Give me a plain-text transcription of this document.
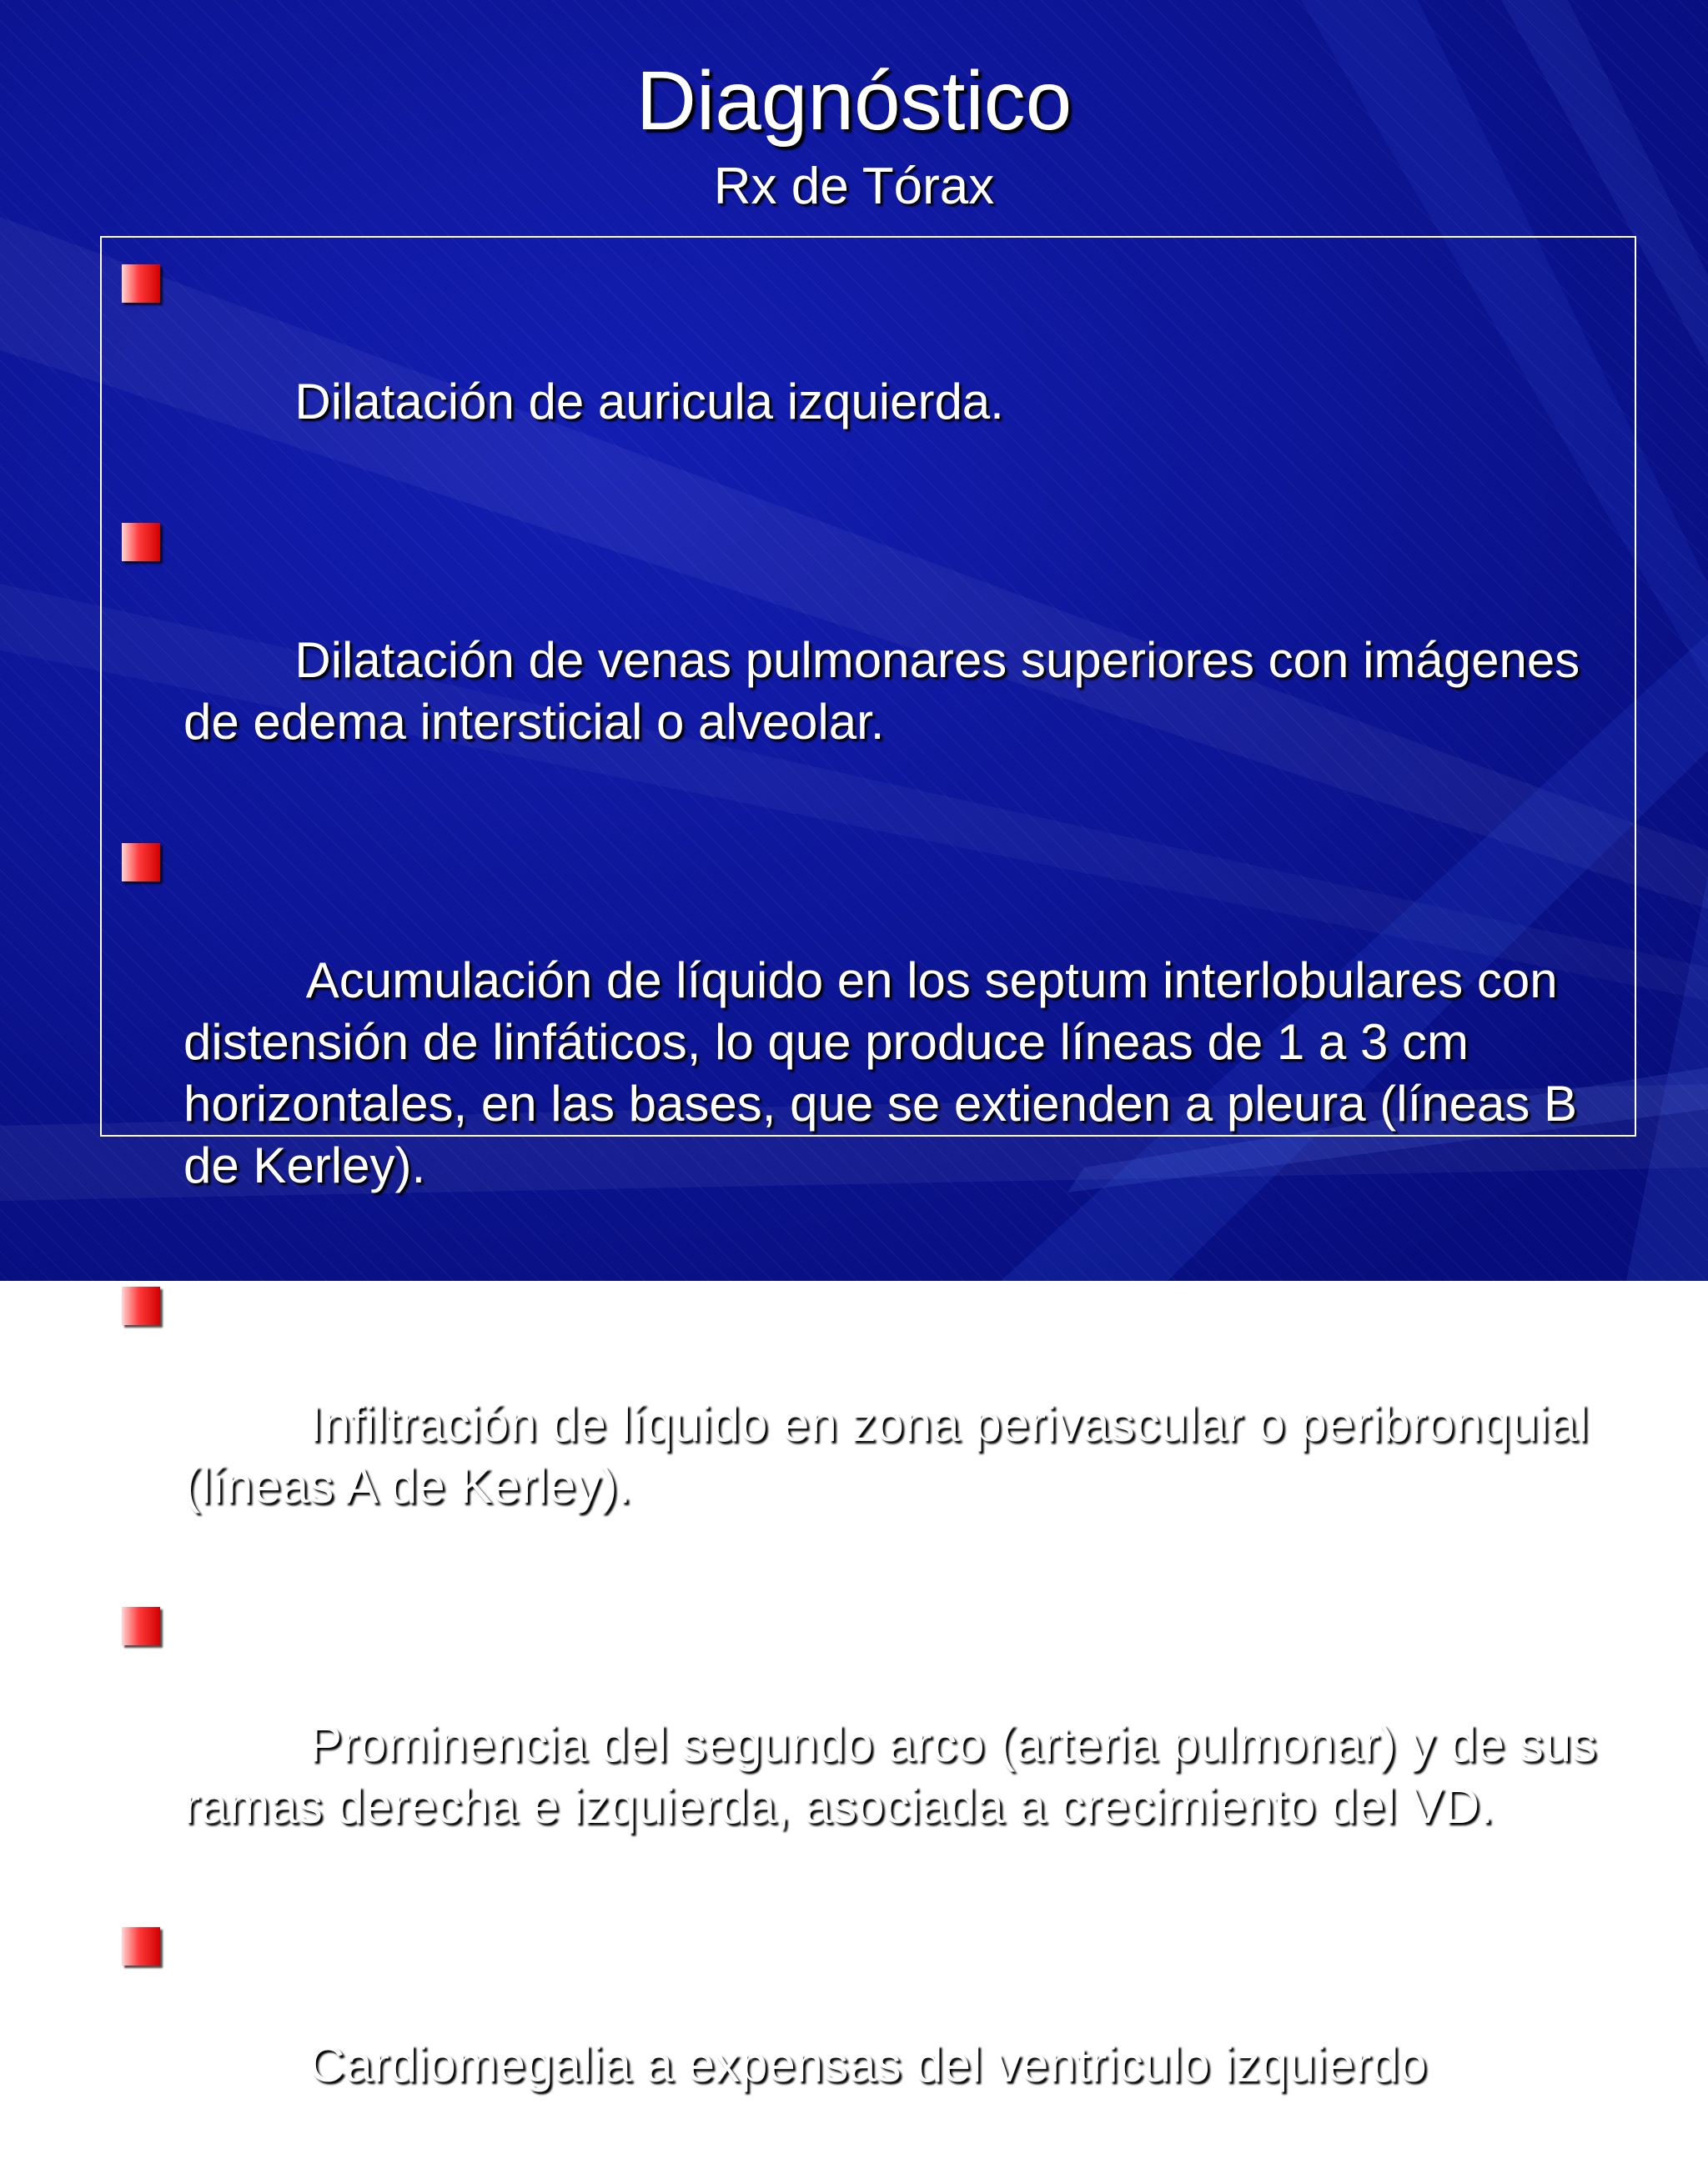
Diagnóstico
Rx de Tórax

Dilatación de auricula izquierda.

Dilatación de venas pulmonares superiores con imágenes de edema intersticial o alveolar.

Acumulación de líquido en los septum interlobulares con distensión de linfáticos, lo que produce líneas de 1 a 3 cm  horizontales, en las bases, que se extienden a pleura (líneas B de Kerley).

Infiltración de líquido en zona perivascular o peribronquial (líneas A de Kerley).

Prominencia del segundo arco (arteria pulmonar) y de sus ramas derecha e izquierda, asociada a crecimiento del VD.

Cardiomegalia a expensas del ventriculo izquierdo
